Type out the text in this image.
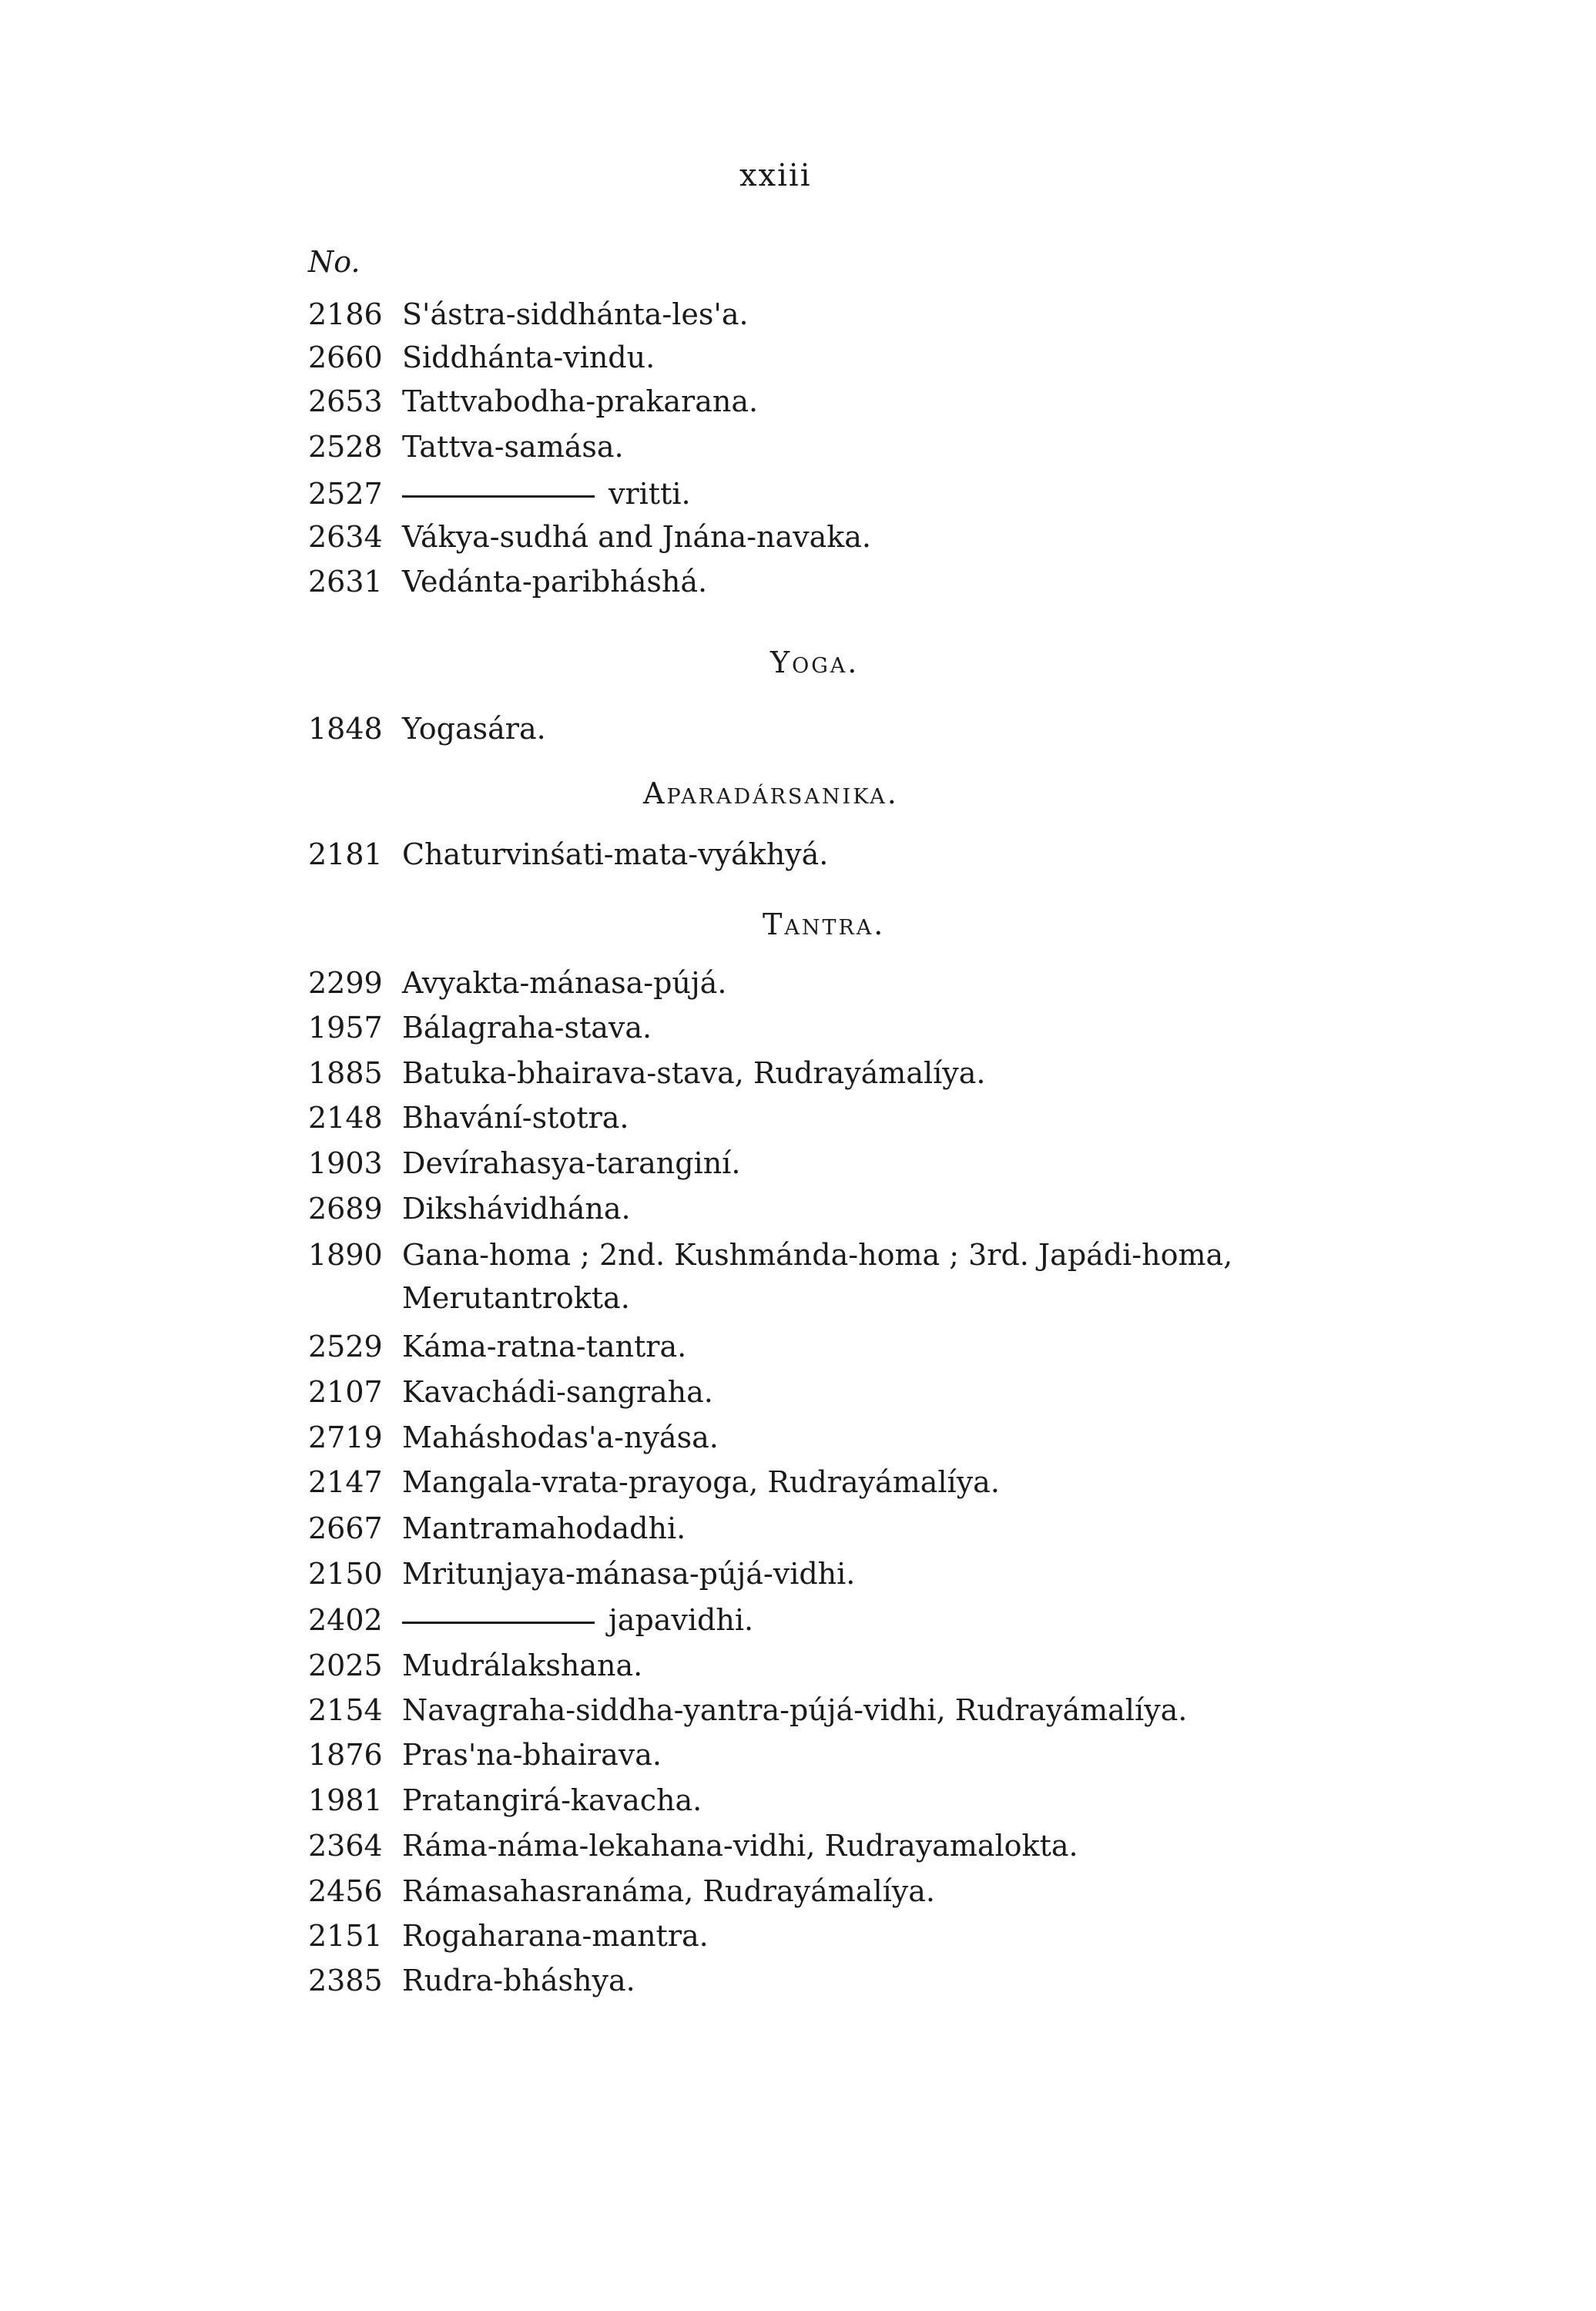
xxiii
No.
2186 S'ástra-siddhánta-les'a.
2660 Siddhánta-vindu.
2653 Tattvabodha-prakarana.
2528 Tattva-samása.
2527	vritti.
2634 Vákya-sudhá and Jnána-navaka.
2631 Vedánta-paribháshá.
Yoga.
1848 Yogasára.
Aparadársanika.
2181 Chaturvinśati-mata-vyákhyá.
Tantra.
2299 Avyakta-mánasa-pújá.
1957 Bálagraha-stava.
1885 Batuka-bhairava-stava, Rudrayámalíya.
2148 Bhavání-stotra.
1903 Devírahasya-taranginí.
2689 Dikshávidhána.
1890 Gana-homa ; 2nd. Kushmánda-homa ; 3rd. Japádi-homa,
Merutantrokta.
2529 Káma-ratna-tantra.
2107 Kavachádi-sangraha.
2719 Maháshodas'a-nyása.
2147 Mangala-vrata-prayoga, Rudrayámalíya.
2667 Mantramahodadhi.
2150 Mritunjaya-mánasa-pújá-vidhi.
2402	japavidhi.
2025 Mudrálakshana.
2154 Navagraha-siddha-yantra-pújá-vidhi, Rudrayámalíya.
1876 Pras'na-bhairava.
1981 Pratangirá-kavacha.
2364 Ráma-náma-lekahana-vidhi, Rudrayamalokta.
2456 Rámasahasranáma, Rudrayámalíya.
2151 Rogaharana-mantra.
2385 Rudra-bháshya.
